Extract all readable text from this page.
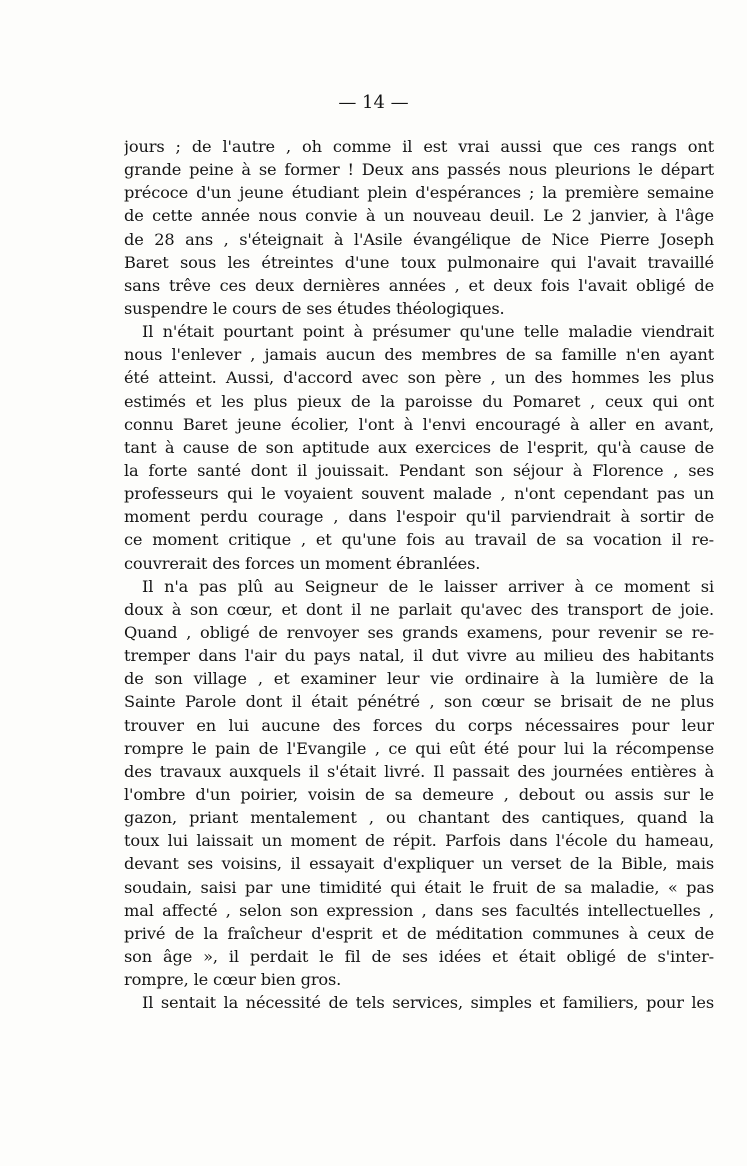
— 14 —

jours ; de l'autre , oh comme il est vrai aussi que ces rangs ont
grande peine à se former ! Deux ans passés nous pleurions le départ
précoce d'un jeune étudiant plein d'espérances ; la première semaine
de cette année nous convie à un nouveau deuil. Le 2 janvier, à l'âge
de 28 ans , s'éteignait à l'Asile évangélique de Nice Pierre Joseph
Baret sous les étreintes d'une toux pulmonaire qui l'avait travaillé
sans trêve ces deux dernières années , et deux fois l'avait obligé de
suspendre le cours de ses études théologiques.

Il n'était pourtant point à présumer qu'une telle maladie viendrait
nous l'enlever , jamais aucun des membres de sa famille n'en ayant
été atteint. Aussi, d'accord avec son père , un des hommes les plus
estimés et les plus pieux de la paroisse du Pomaret , ceux qui ont
connu Baret jeune écolier, l'ont à l'envi encouragé à aller en avant,
tant à cause de son aptitude aux exercices de l'esprit, qu'à cause de
la forte santé dont il jouissait. Pendant son séjour à Florence , ses
professeurs qui le voyaient souvent malade , n'ont cependant pas un
moment perdu courage , dans l'espoir qu'il parviendrait à sortir de
ce moment critique , et qu'une fois au travail de sa vocation il re-
couvrerait des forces un moment ébranlées.

Il n'a pas plû au Seigneur de le laisser arriver à ce moment si
doux à son cœur, et dont il ne parlait qu'avec des transport de joie.
Quand , obligé de renvoyer ses grands examens, pour revenir se re-
tremper dans l'air du pays natal, il dut vivre au milieu des habitants
de son village , et examiner leur vie ordinaire à la lumière de la
Sainte Parole dont il était pénétré , son cœur se brisait de ne plus
trouver en lui aucune des forces du corps nécessaires pour leur
rompre le pain de l'Evangile , ce qui eût été pour lui la récompense
des travaux auxquels il s'était livré. Il passait des journées entières à
l'ombre d'un poirier, voisin de sa demeure , debout ou assis sur le
gazon, priant mentalement , ou chantant des cantiques, quand la
toux lui laissait un moment de répit. Parfois dans l'école du hameau,
devant ses voisins, il essayait d'expliquer un verset de la Bible, mais
soudain, saisi par une timidité qui était le fruit de sa maladie, « pas
mal affecté , selon son expression , dans ses facultés intellectuelles ,
privé de la fraîcheur d'esprit et de méditation communes à ceux de
son âge », il perdait le fil de ses idées et était obligé de s'inter-
rompre, le cœur bien gros.

Il sentait la nécessité de tels services, simples et familiers, pour les
